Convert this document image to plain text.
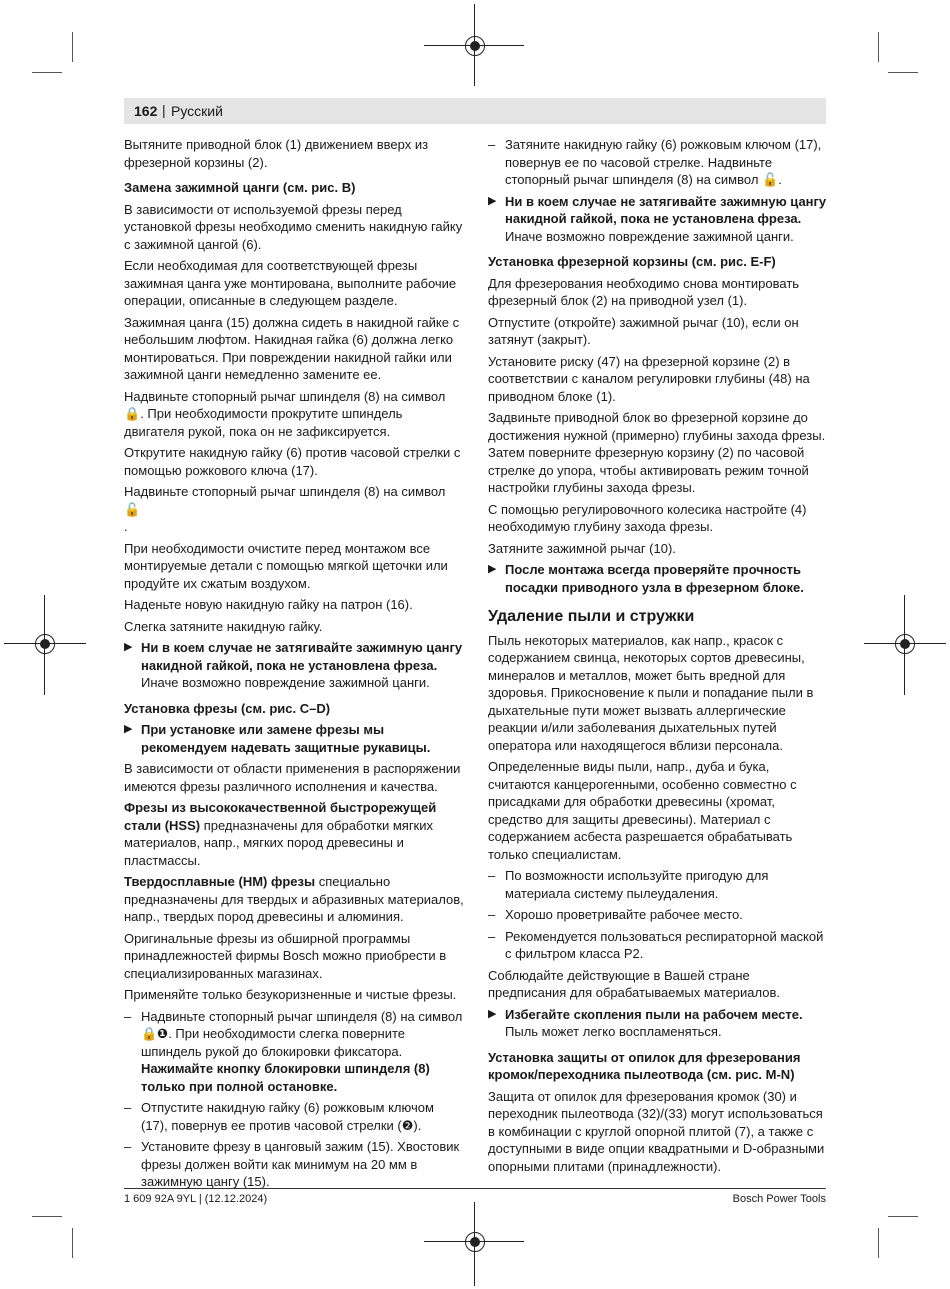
162 | Русский

Вытяните приводной блок (1) движением вверх из фрезерной корзины (2).

Замена зажимной цанги (см. рис. B)

В зависимости от используемой фрезы перед установкой фрезы необходимо сменить накидную гайку с зажимной цангой (6).

Если необходимая для соответствующей фрезы зажимная цанга уже монтирована, выполните рабочие операции, описанные в следующем разделе.

Зажимная цанга (15) должна сидеть в накидной гайке с небольшим люфтом. Накидная гайка (6) должна легко монтироваться. При повреждении накидной гайки или зажимной цанги немедленно замените ее.

Надвиньте стопорный рычаг шпинделя (8) на символ 🔒. При необходимости прокрутите шпиндель двигателя рукой, пока он не зафиксируется.

Открутите накидную гайку (6) против часовой стрелки с помощью рожкового ключа (17).

Надвиньте стопорный рычаг шпинделя (8) на символ 🔓
.

При необходимости очистите перед монтажом все монтируемые детали с помощью мягкой щеточки или продуйте их сжатым воздухом.

Наденьте новую накидную гайку на патрон (16).

Слегка затяните накидную гайку.

▶ Ни в коем случае не затягивайте зажимную цангу накидной гайкой, пока не установлена фреза. Иначе возможно повреждение зажимной цанги.

Установка фрезы (см. рис. C–D)

▶ При установке или замене фрезы мы рекомендуем надевать защитные рукавицы.

В зависимости от области применения в распоряжении имеются фрезы различного исполнения и качества.

Фрезы из высококачественной быстрорежущей стали (HSS) предназначены для обработки мягких материалов, напр., мягких пород древесины и пластмассы.

Твердосплавные (HM) фрезы специально предназначены для твердых и абразивных материалов, напр., твердых пород древесины и алюминия.

Оригинальные фрезы из обширной программы принадлежностей фирмы Bosch можно приобрести в специализированных магазинах.

Применяйте только безукоризненные и чистые фрезы.

– Надвиньте стопорный рычаг шпинделя (8) на символ 🔒❶. При необходимости слегка поверните шпиндель рукой до блокировки фиксатора.
Нажимайте кнопку блокировки шпинделя (8) только при полной остановке.

– Отпустите накидную гайку (6) рожковым ключом (17), повернув ее против часовой стрелки (❷).

– Установите фрезу в цанговый зажим (15). Хвостовик фрезы должен войти как минимум на 20 мм в зажимную цангу (15).

– Затяните накидную гайку (6) рожковым ключом (17), повернув ее по часовой стрелке. Надвиньте стопорный рычаг шпинделя (8) на символ 🔓.

▶ Ни в коем случае не затягивайте зажимную цангу накидной гайкой, пока не установлена фреза. Иначе возможно повреждение зажимной цанги.

Установка фрезерной корзины (см. рис. E-F)

Для фрезерования необходимо снова монтировать фрезерный блок (2) на приводной узел (1).

Отпустите (откройте) зажимной рычаг (10), если он затянут (закрыт).

Установите риску (47) на фрезерной корзине (2) в соответствии с каналом регулировки глубины (48) на приводном блоке (1).

Задвиньте приводной блок во фрезерной корзине до достижения нужной (примерно) глубины захода фрезы. Затем поверните фрезерную корзину (2) по часовой стрелке до упора, чтобы активировать режим точной настройки глубины захода фрезы.

С помощью регулировочного колесика настройте (4) необходимую глубину захода фрезы.

Затяните зажимной рычаг (10).

▶ После монтажа всегда проверяйте прочность посадки приводного узла в фрезерном блоке.

Удаление пыли и стружки

Пыль некоторых материалов, как напр., красок с содержанием свинца, некоторых сортов древесины, минералов и металлов, может быть вредной для здоровья. Прикосновение к пыли и попадание пыли в дыхательные пути может вызвать аллергические реакции и/или заболевания дыхательных путей оператора или находящегося вблизи персонала.

Определенные виды пыли, напр., дуба и бука, считаются канцерогенными, особенно совместно с присадками для обработки древесины (хромат, средство для защиты древесины). Материал с содержанием асбеста разрешается обрабатывать только специалистам.

– По возможности используйте пригодую для материала систему пылеудаления.

– Хорошо проветривайте рабочее место.

– Рекомендуется пользоваться респираторной маской с фильтром класса P2.

Соблюдайте действующие в Вашей стране предписания для обрабатываемых материалов.

▶ Избегайте скопления пыли на рабочем месте. Пыль может легко воспламеняться.

Установка защиты от опилок для фрезерования кромок/переходника пылеотвода (см. рис. M-N)

Защита от опилок для фрезерования кромок (30) и переходник пылеотвода (32)/(33) могут использоваться в комбинации с круглой опорной плитой (7), а также с доступными в виде опции квадратными и D-образными опорными плитами (принадлежности).

1 609 92A 9YL | (12.12.2024)	Bosch Power Tools
